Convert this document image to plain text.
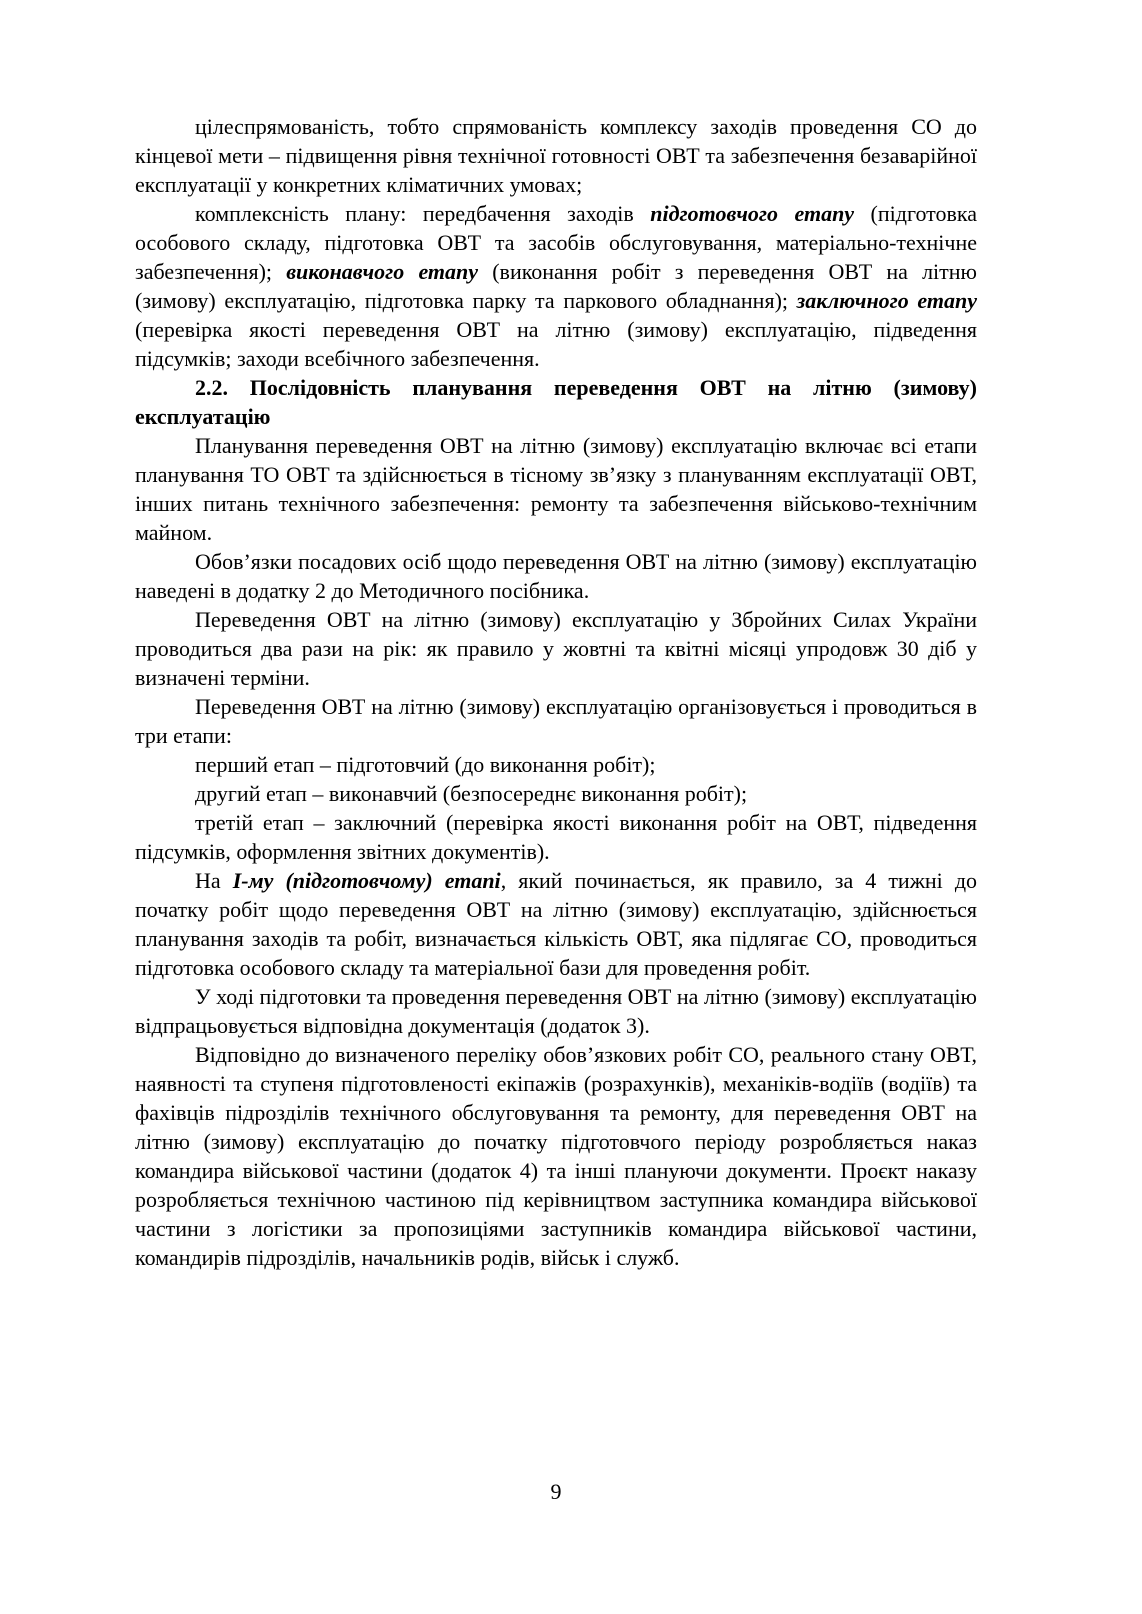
цілеспрямованість, тобто спрямованість комплексу заходів проведення СО до кінцевої мети – підвищення рівня технічної готовності ОВТ та забезпечення безаварійної експлуатації у конкретних кліматичних умовах;

комплексність плану: передбачення заходів підготовчого етапу (підготовка особового складу, підготовка ОВТ та засобів обслуговування, матеріально-технічне забезпечення); виконавчого етапу (виконання робіт з переведення ОВТ на літню (зимову) експлуатацію, підготовка парку та паркового обладнання); заключного етапу (перевірка якості переведення ОВТ на літню (зимову) експлуатацію, підведення підсумків; заходи всебічного забезпечення.

2.2. Послідовність планування переведення ОВТ на літню (зимову) експлуатацію

Планування переведення ОВТ на літню (зимову) експлуатацію включає всі етапи планування ТО ОВТ та здійснюється в тісному зв’язку з плануванням експлуатації ОВТ, інших питань технічного забезпечення: ремонту та забезпечення військово-технічним майном.

Обов’язки посадових осіб щодо переведення ОВТ на літню (зимову) експлуатацію наведені в додатку 2 до Методичного посібника.

Переведення ОВТ на літню (зимову) експлуатацію у Збройних Силах України проводиться два рази на рік: як правило у жовтні та квітні місяці упродовж 30 діб у визначені терміни.

Переведення ОВТ на літню (зимову) експлуатацію організовується і проводиться в три етапи:

перший етап – підготовчий (до виконання робіт);

другий етап – виконавчий (безпосереднє виконання робіт);

третій етап – заключний (перевірка якості виконання робіт на ОВТ, підведення підсумків, оформлення звітних документів).

На І-му (підготовчому) етапі, який починається, як правило, за 4 тижні до початку робіт щодо переведення ОВТ на літню (зимову) експлуатацію, здійснюється планування заходів та робіт, визначається кількість ОВТ, яка підлягає СО, проводиться підготовка особового складу та матеріальної бази для проведення робіт.

У ході підготовки та проведення переведення ОВТ на літню (зимову) експлуатацію відпрацьовується відповідна документація (додаток 3).

Відповідно до визначеного переліку обов’язкових робіт СО, реального стану ОВТ, наявності та ступеня підготовленості екіпажів (розрахунків), механіків-водіїв (водіїв) та фахівців підрозділів технічного обслуговування та ремонту, для переведення ОВТ на літню (зимову) експлуатацію до початку підготовчого періоду розробляється наказ командира військової частини (додаток 4) та інші плануючи документи. Проєкт наказу розробляється технічною частиною під керівництвом заступника командира військової частини з логістики за пропозиціями заступників командира військової частини, командирів підрозділів, начальників родів, військ і служб.

9
